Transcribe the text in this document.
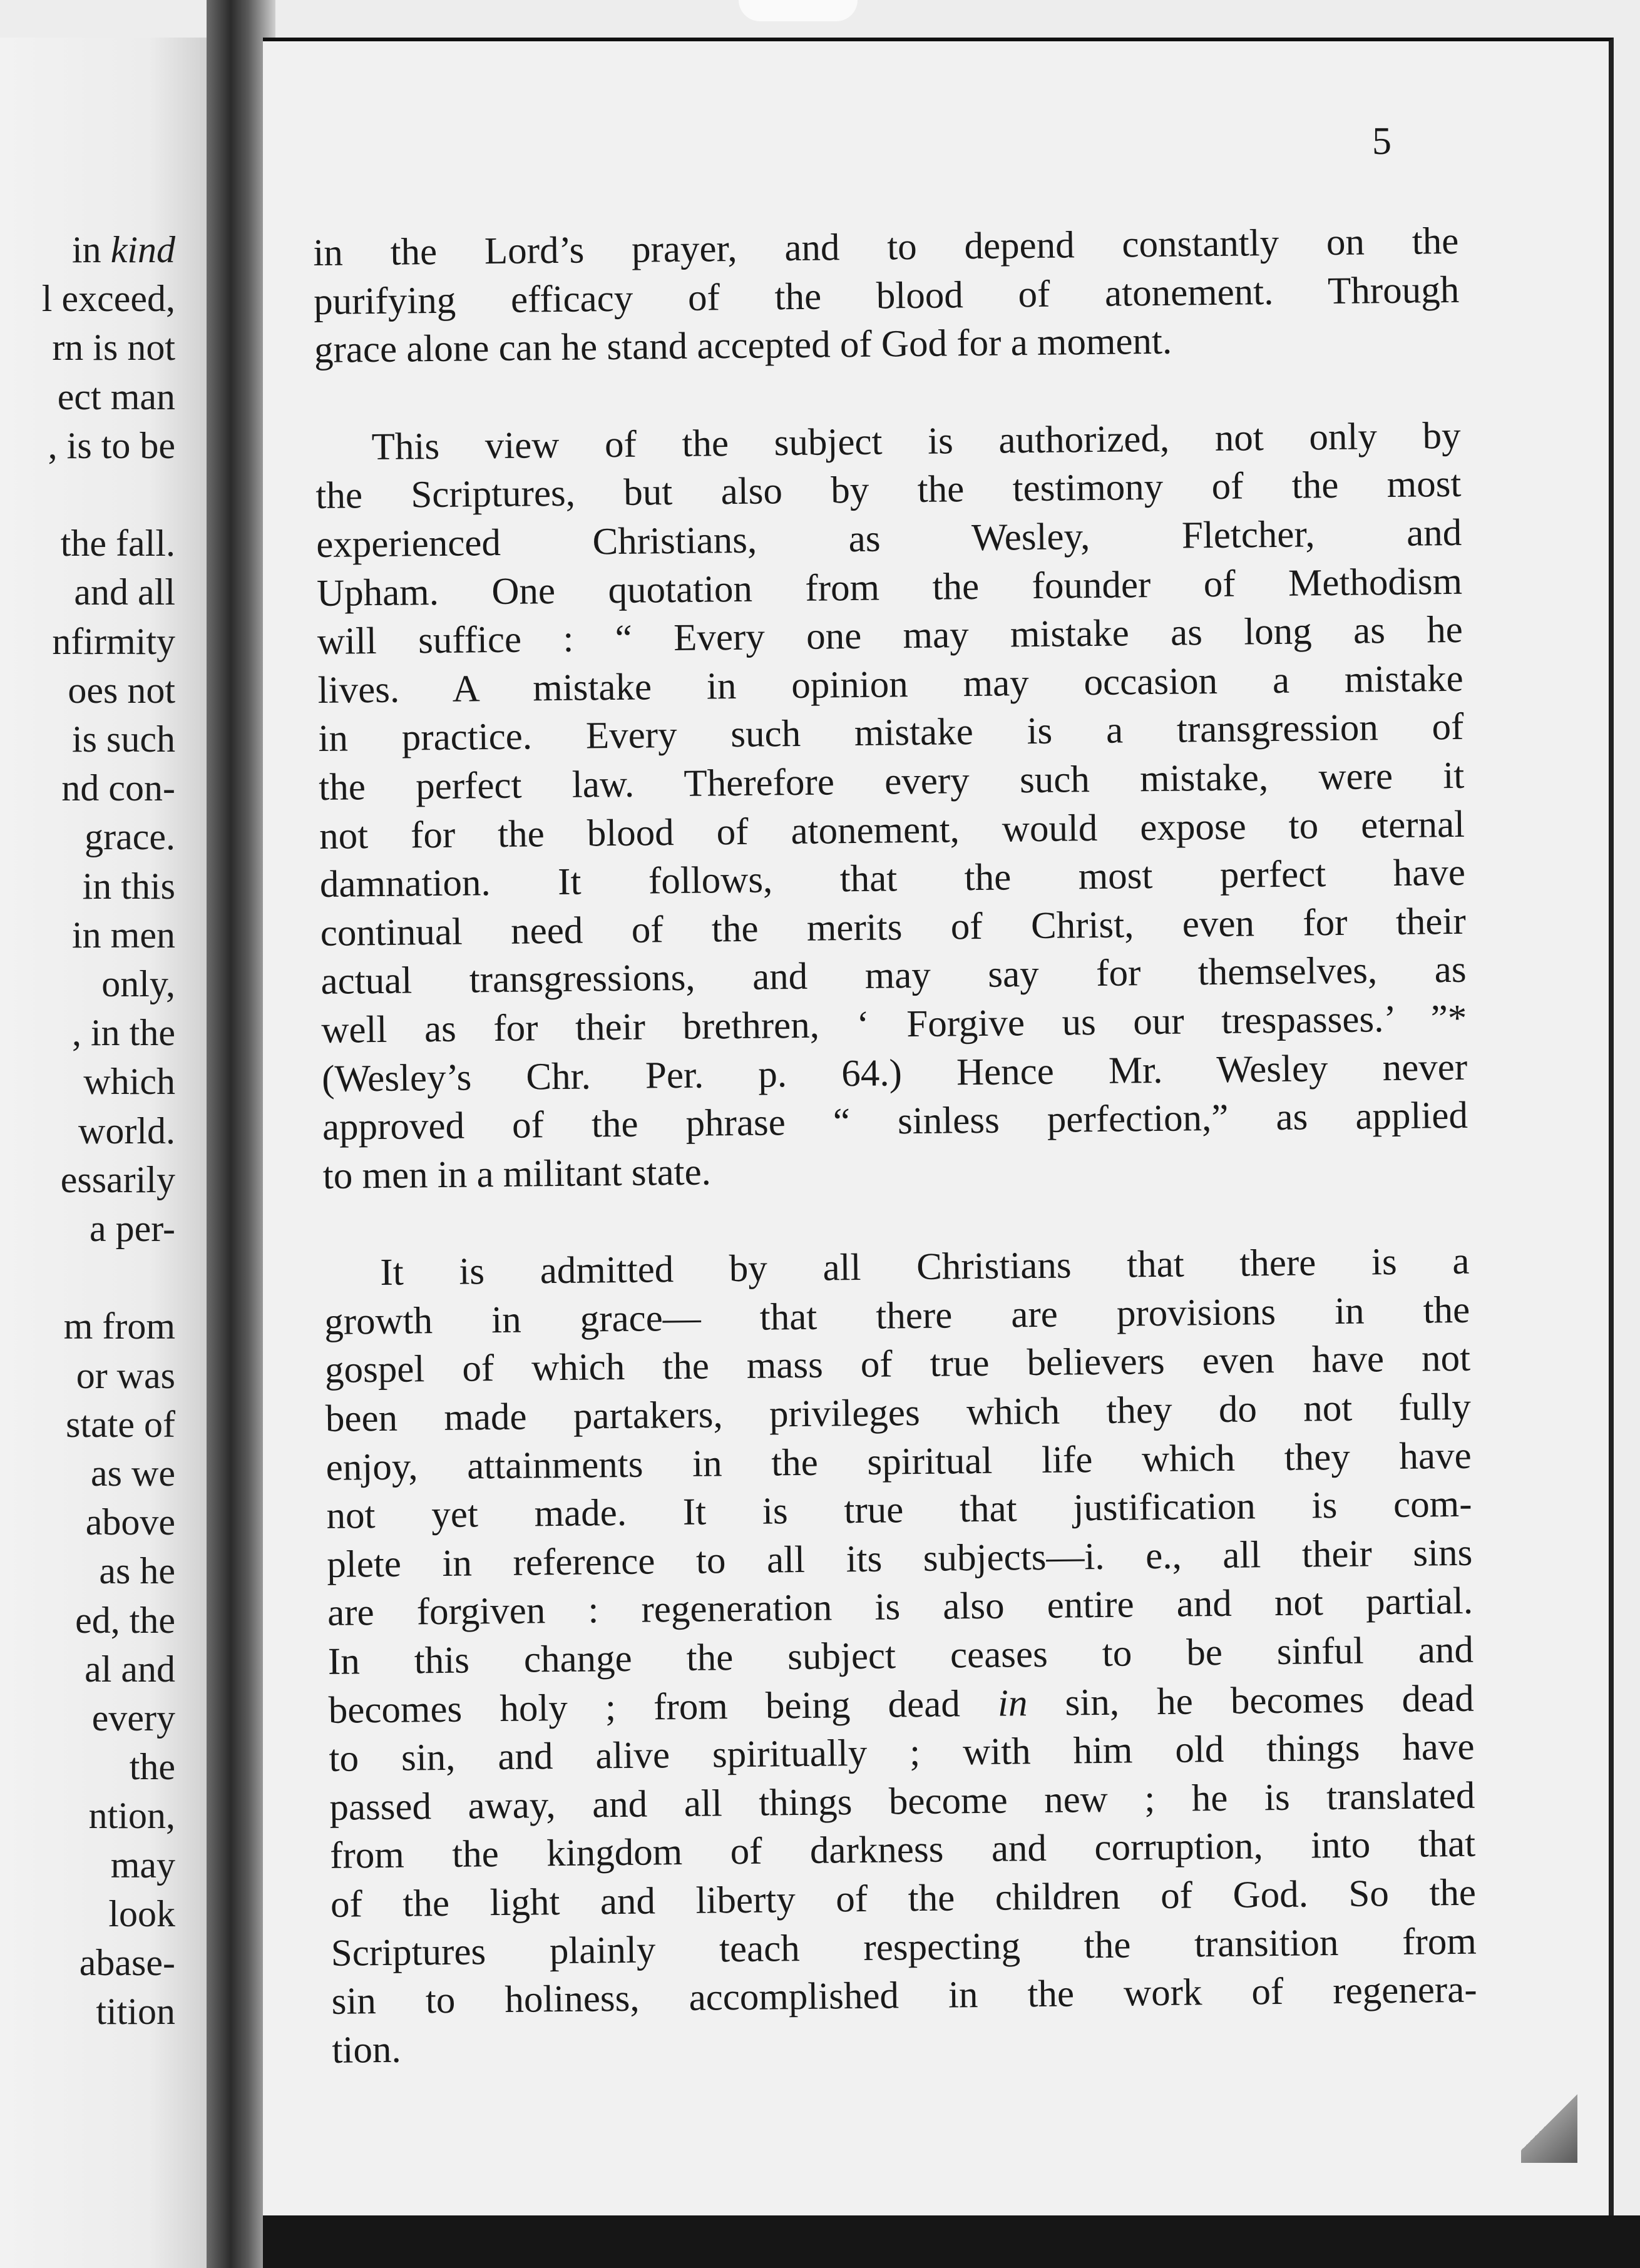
in kind
l exceed,
rn is not
ect man
, is to be
the fall.
and all
nfirmity
oes not
is such
nd con-
grace.
in this
in men
only,
, in the
which
world.
essarily
a per-
m from
or was
state of
as we
above
as he
ed, the
al and
every
the
ntion,
may
look
abase-
tition
5
in the Lord’s prayer, and to depend constantly on the
purifying efficacy of the blood of atonement. Through
grace alone can he stand accepted of God for a moment.
This view of the subject is authorized, not only by
the Scriptures, but also by the testimony of the most
experienced Christians, as Wesley, Fletcher, and
Upham. One quotation from the founder of Methodism
will suffice : “ Every one may mistake as long as he
lives. A mistake in opinion may occasion a mistake
in practice. Every such mistake is a transgression of
the perfect law. Therefore every such mistake, were it
not for the blood of atonement, would expose to eternal
damnation. It follows, that the most perfect have
continual need of the merits of Christ, even for their
actual transgressions, and may say for themselves, as
well as for their brethren, ‘ Forgive us our trespasses.’ ”*
(Wesley’s Chr. Per. p. 64.) Hence Mr. Wesley never
approved of the phrase “ sinless perfection,” as applied
to men in a militant state.
It is admitted by all Christians that there is a
growth in grace— that there are provisions in the
gospel of which the mass of true believers even have not
been made partakers, privileges which they do not fully
enjoy, attainments in the spiritual life which they have
not yet made. It is true that justification is com-
plete in reference to all its subjects—i. e., all their sins
are forgiven : regeneration is also entire and not partial.
In this change the subject ceases to be sinful and
becomes holy ; from being dead in sin, he becomes dead
to sin, and alive spiritually ; with him old things have
passed away, and all things become new ; he is translated
from the kingdom of darkness and corruption, into that
of the light and liberty of the children of God. So the
Scriptures plainly teach respecting the transition from
sin to holiness, accomplished in the work of regenera-
tion.
